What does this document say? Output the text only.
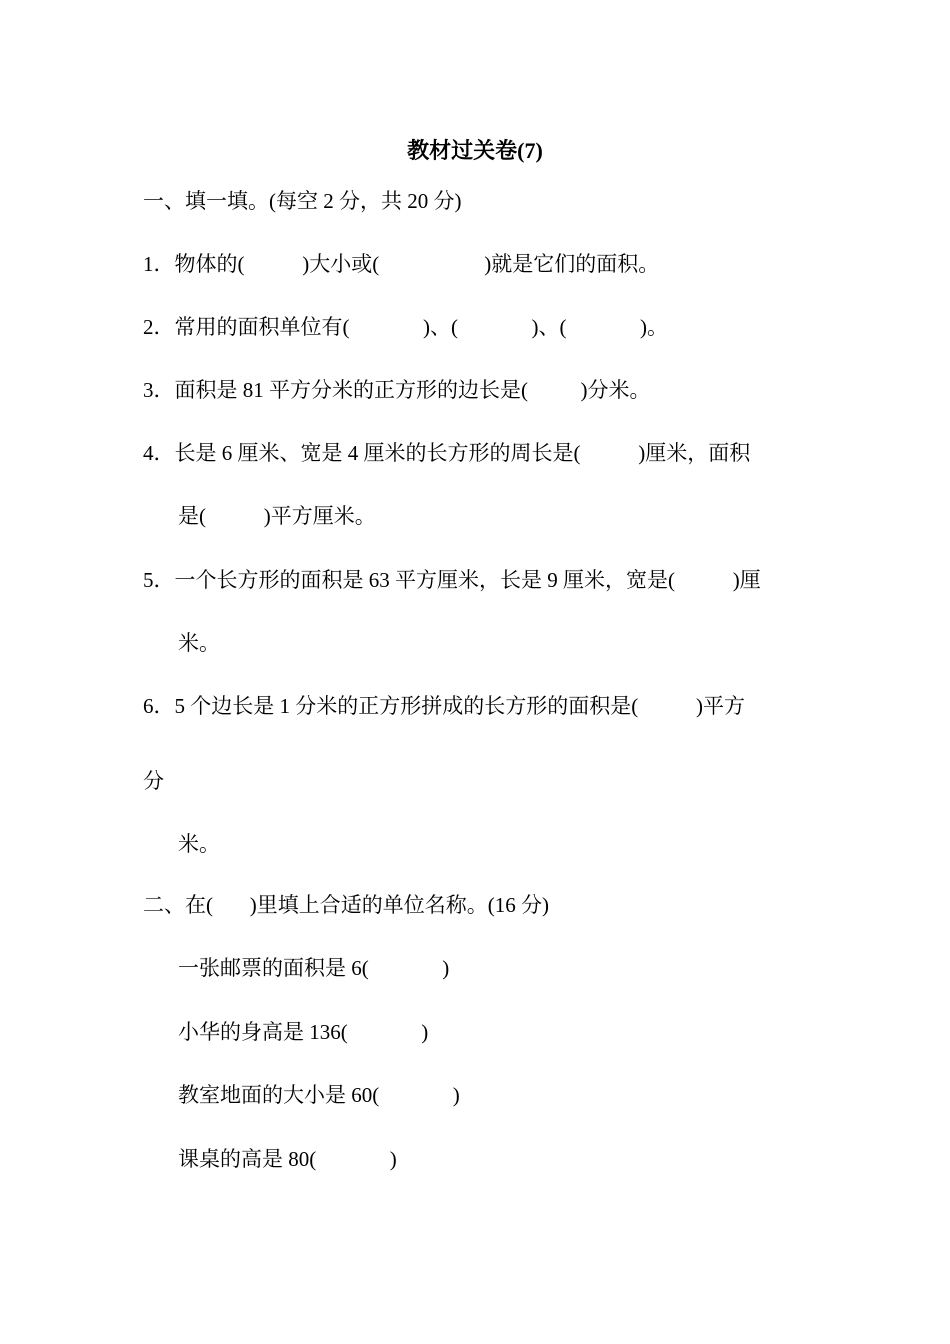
教材过关卷(7)
一、填一填。(每空 2 分，共 20 分)
1．物体的(           )大小或(                    )就是它们的面积。
2．常用的面积单位有(              )、(              )、(              )。
3．面积是 81 平方分米的正方形的边长是(          )分米。
4．长是 6 厘米、宽是 4 厘米的长方形的周长是(           )厘米，面积
是(           )平方厘米。
5．一个长方形的面积是 63 平方厘米，长是 9 厘米，宽是(           )厘
米。
6．5 个边长是 1 分米的正方形拼成的长方形的面积是(           )平方
分
米。
二、在(       )里填上合适的单位名称。(16 分)
一张邮票的面积是 6(              )
小华的身高是 136(              )
教室地面的大小是 60(              )
课桌的高是 80(              )
